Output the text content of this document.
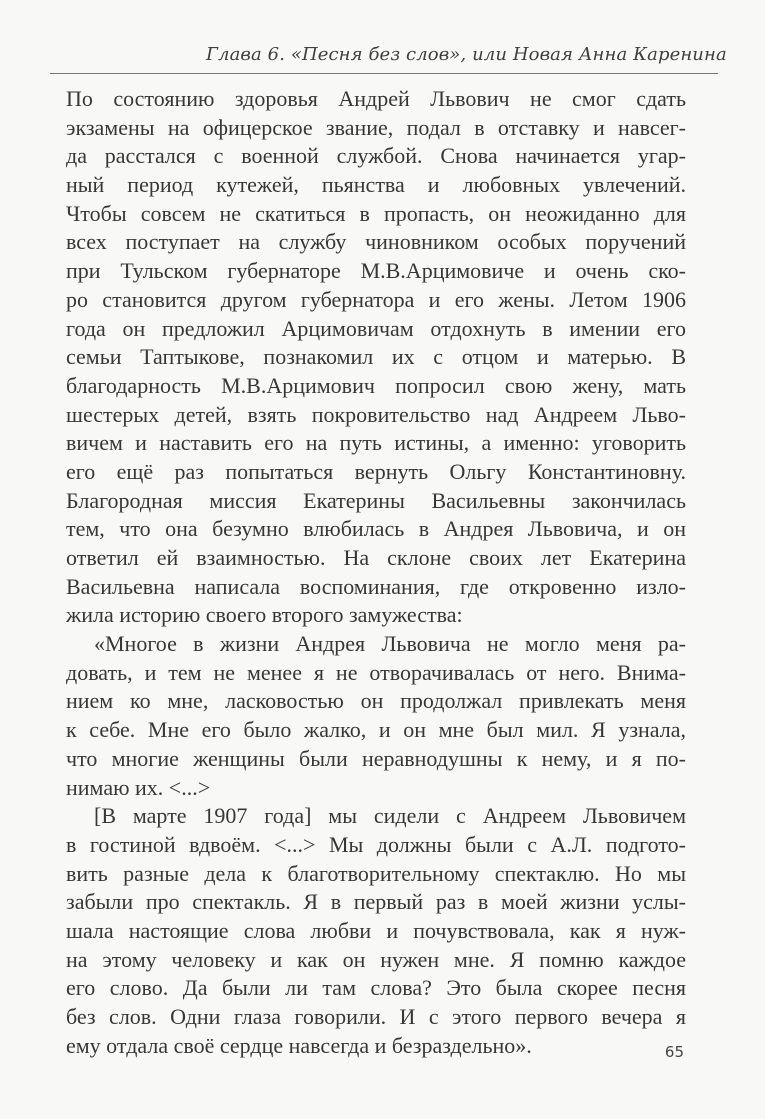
Глава 6. «Песня без слов», или Новая Анна Каренина
По состоянию здоровья Андрей Львович не смог сдать
экзамены на офицерское звание, подал в отставку и навсег-
да расстался с военной службой. Снова начинается угар-
ный период кутежей, пьянства и любовных увлечений.
Чтобы совсем не скатиться в пропасть, он неожиданно для
всех поступает на службу чиновником особых поручений
при Тульском губернаторе М.В.Арцимовиче и очень ско-
ро становится другом губернатора и его жены. Летом 1906
года он предложил Арцимовичам отдохнуть в имении его
семьи Таптыкове, познакомил их с отцом и матерью. В
благодарность М.В.Арцимович попросил свою жену, мать
шестерых детей, взять покровительство над Андреем Льво-
вичем и наставить его на путь истины, а именно: уговорить
его ещё раз попытаться вернуть Ольгу Константиновну.
Благородная миссия Екатерины Васильевны закончилась
тем, что она безумно влюбилась в Андрея Львовича, и он
ответил ей взаимностью. На склоне своих лет Екатерина
Васильевна написала воспоминания, где откровенно изло-
жила историю своего второго замужества:
«Многое в жизни Андрея Львовича не могло меня ра-
довать, и тем не менее я не отворачивалась от него. Внима-
нием ко мне, ласковостью он продолжал привлекать меня
к себе. Мне его было жалко, и он мне был мил. Я узнала,
что многие женщины были неравнодушны к нему, и я по-
нимаю их. <...>
[В марте 1907 года] мы сидели с Андреем Львовичем
в гостиной вдвоём. <...> Мы должны были с А.Л. подгото-
вить разные дела к благотворительному спектаклю. Но мы
забыли про спектакль. Я в первый раз в моей жизни услы-
шала настоящие слова любви и почувствовала, как я нуж-
на этому человеку и как он нужен мне. Я помню каждое
его слово. Да были ли там слова? Это была скорее песня
без слов. Одни глаза говорили. И с этого первого вечера я
ему отдала своё сердце навсегда и безраздельно».	65
